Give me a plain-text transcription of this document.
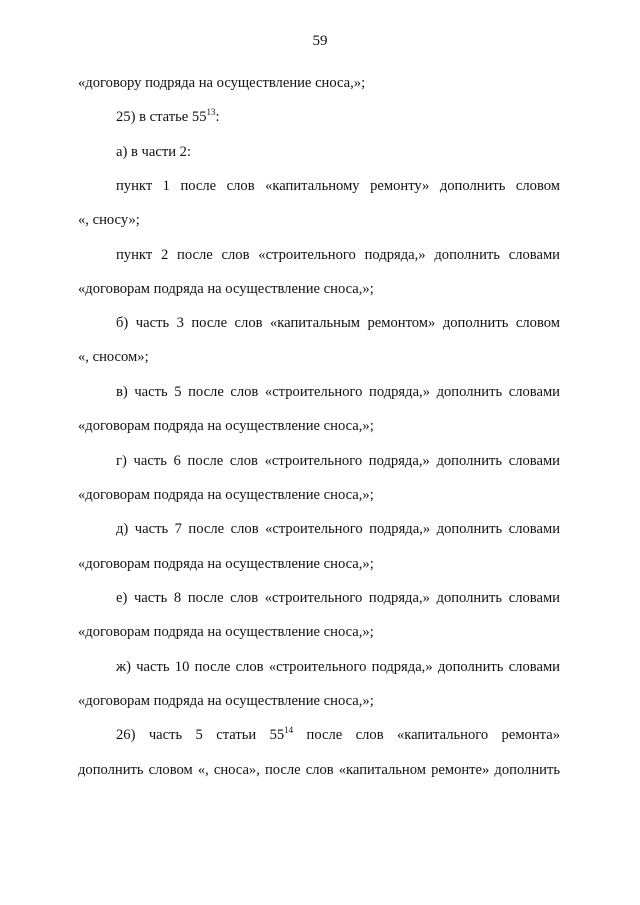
59
«договору подряда на осуществление сноса,»;
25) в статье $55^{13}$:
а) в части 2:
пункт 1 после слов «капитальному ремонту» дополнить словом
«, сносу»;
пункт 2 после слов «строительного подряда,» дополнить словами
«договорам подряда на осуществление сноса,»;
б) часть 3 после слов «капитальным ремонтом» дополнить словом
«, сносом»;
в) часть 5 после слов «строительного подряда,» дополнить словами
«договорам подряда на осуществление сноса,»;
г) часть 6 после слов «строительного подряда,» дополнить словами
«договорам подряда на осуществление сноса,»;
д) часть 7 после слов «строительного подряда,» дополнить словами
«договорам подряда на осуществление сноса,»;
е) часть 8 после слов «строительного подряда,» дополнить словами
«договорам подряда на осуществление сноса,»;
ж) часть 10 после слов «строительного подряда,» дополнить словами
«договорам подряда на осуществление сноса,»;
26) часть 5 статьи $55^{14}$ после слов «капитального ремонта»
дополнить словом «, сноса», после слов «капитальном ремонте» дополнить
